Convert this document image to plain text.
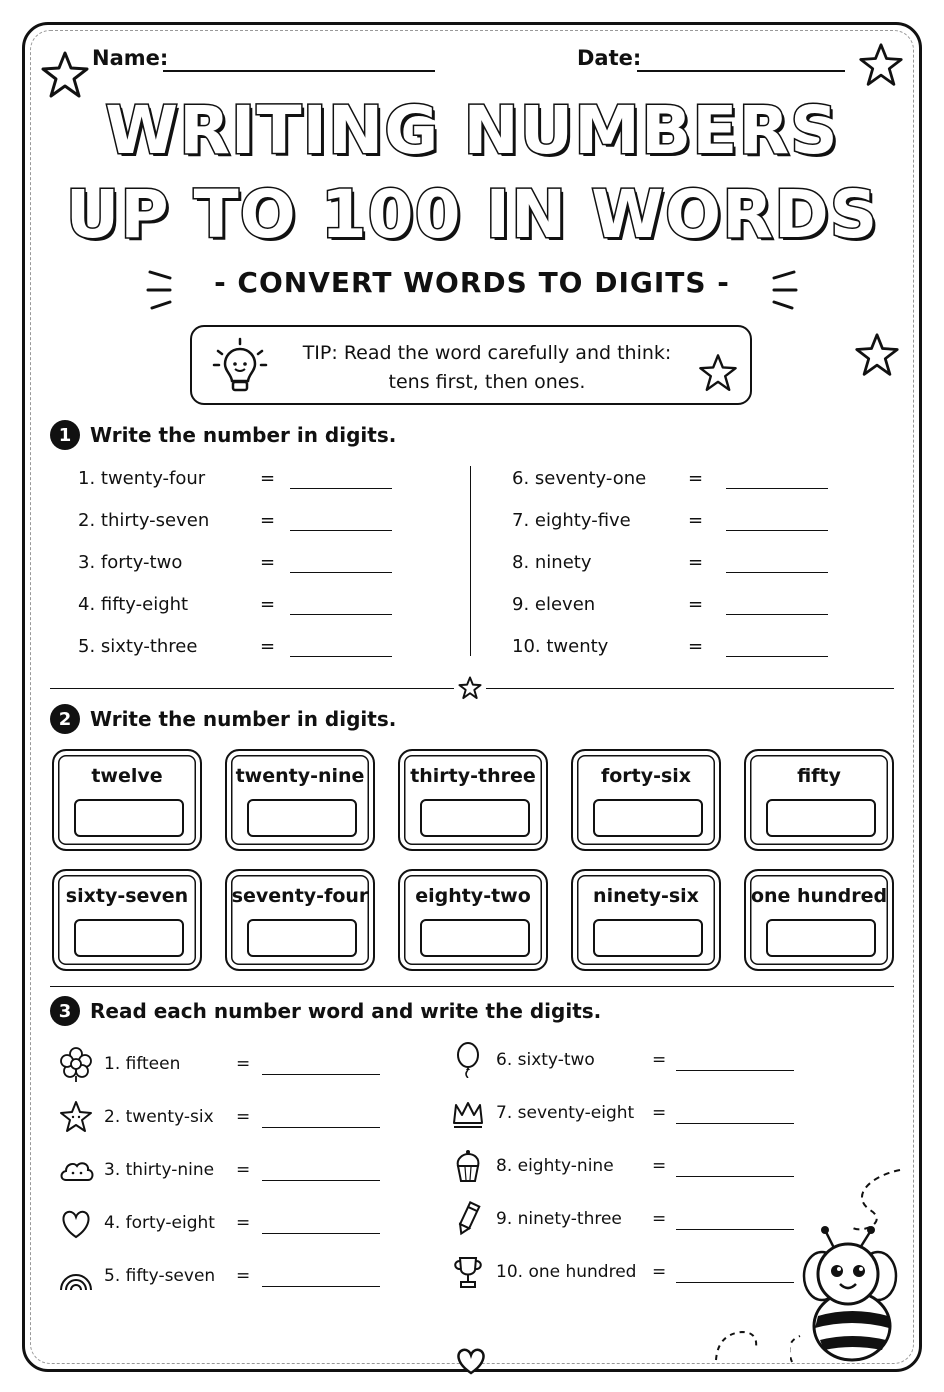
Name:	Date:
WRITING NUMBERS
UP TO 100 IN WORDS
- CONVERT WORDS TO DIGITS -
TIP: Read the word carefully and think:
tens first, then ones.
1 Write the number in digits.
1. twenty-four	=
2. thirty-seven	=
3. forty-two	=
4. fifty-eight	=
5. sixty-three	=
6. seventy-one =
7. eighty-five	=
8. ninety	=
9. eleven	=
10. twenty	=
2 Write the number in digits.
twelve	twenty-nine	thirty-three	forty-six	fifty
sixty-seven	seventy-four	eighty-two	ninety-six	one hundred
3 Read each number word and write the digits.
1. fifteen	=
2. twenty-six =
3. thirty-nine =
4. forty-eight =
5. fifty-seven =
6. sixty-two	=
7. seventy-eight =
8. eighty-nine =
9. ninety-three =
10. one hundred =
